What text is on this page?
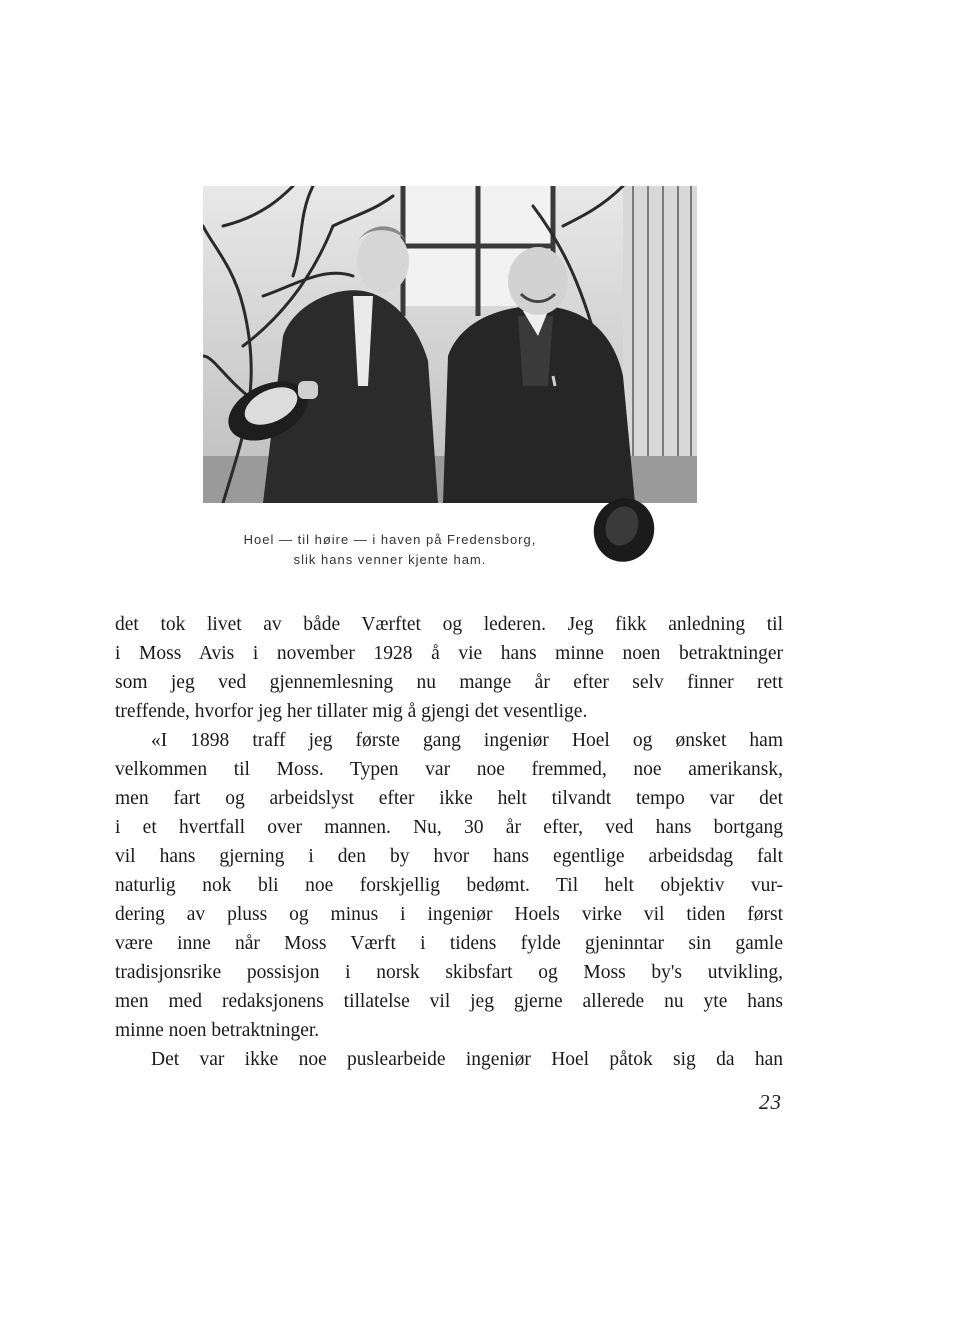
Hoel — til høire — i haven på Fredensborg,
slik hans venner kjente ham.
det tok livet av både Værftet og lederen. Jeg fikk anledning til
i Moss Avis i november 1928 å vie hans minne noen betraktninger
som jeg ved gjennemlesning nu mange år efter selv finner rett
treffende, hvorfor jeg her tillater mig å gjengi det vesentlige.
«I 1898 traff jeg første gang ingeniør Hoel og ønsket ham
velkommen til Moss. Typen var noe fremmed, noe amerikansk,
men fart og arbeidslyst efter ikke helt tilvandt tempo var det
i et hvertfall over mannen. Nu, 30 år efter, ved hans bortgang
vil hans gjerning i den by hvor hans egentlige arbeidsdag falt
naturlig nok bli noe forskjellig bedømt. Til helt objektiv vur-
dering av pluss og minus i ingeniør Hoels virke vil tiden først
være inne når Moss Værft i tidens fylde gjeninntar sin gamle
tradisjonsrike possisjon i norsk skibsfart og Moss by's utvikling,
men med redaksjonens tillatelse vil jeg gjerne allerede nu yte hans
minne noen betraktninger.
Det var ikke noe puslearbeide ingeniør Hoel påtok sig da han
23
